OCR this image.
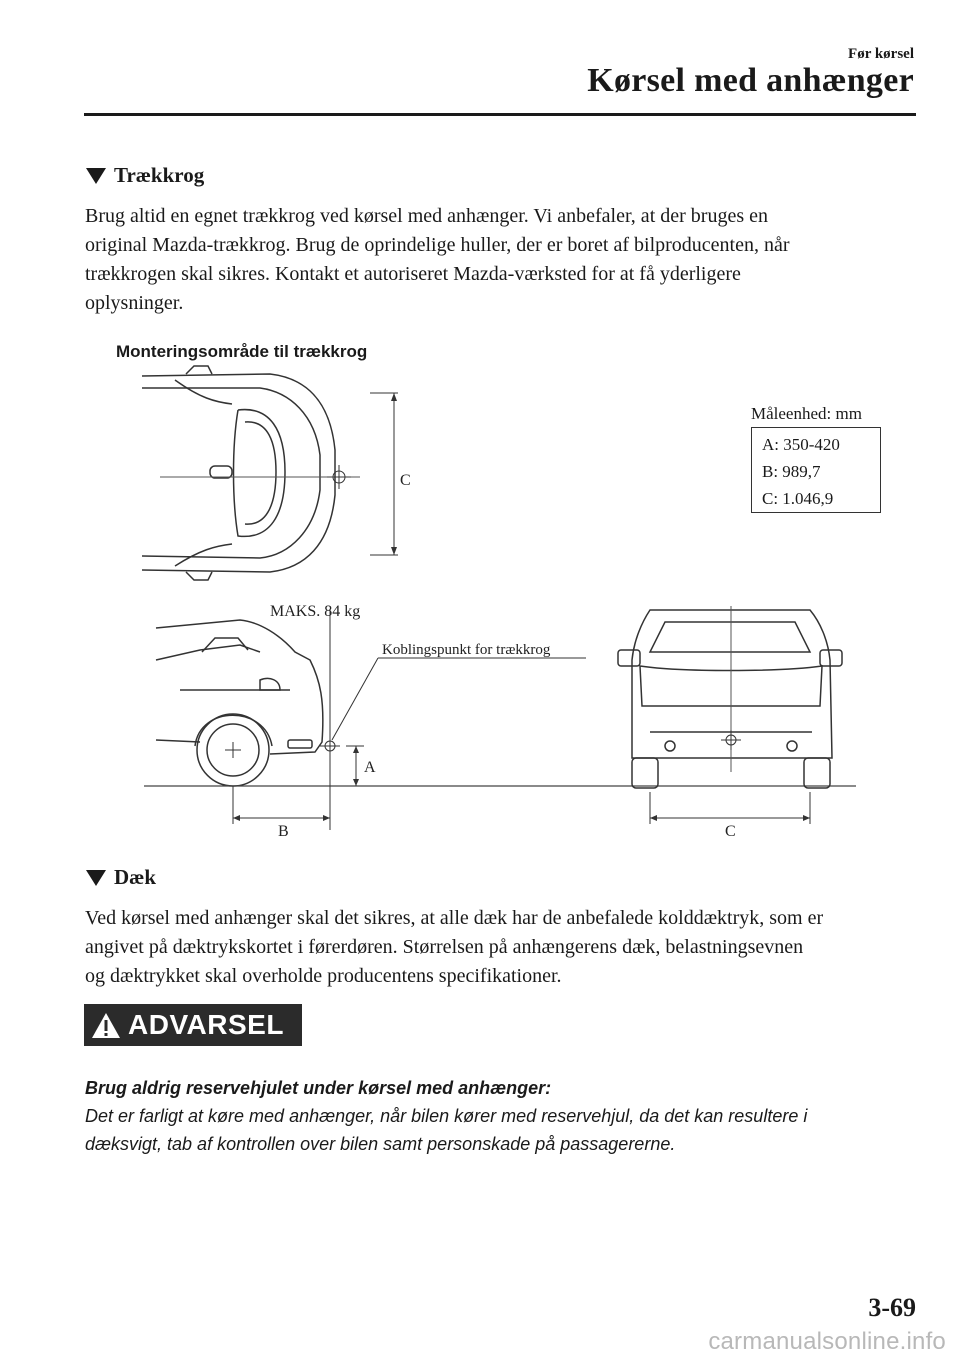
Før kørsel
Kørsel med anhænger
Trækkrog
Brug altid en egnet trækkrog ved kørsel med anhænger. Vi anbefaler, at der bruges en
original Mazda-trækkrog. Brug de oprindelige huller, der er boret af bilproducenten, når
trækkrogen skal sikres. Kontakt et autoriseret Mazda-værksted for at få yderligere
oplysninger.
Monteringsområde til trækkrog
C
MAKS. 84 kg
Koblingspunkt for trækkrog
A
B	C
Måleenhed: mm
A: 350-420
B: 989,7
C: 1.046,9
Dæk
Ved kørsel med anhænger skal det sikres, at alle dæk har de anbefalede kolddæktryk, som er
angivet på dæktrykskortet i førerdøren. Størrelsen på anhængerens dæk, belastningsevnen
og dæktrykket skal overholde producentens specifikationer.
ADVARSEL
Brug aldrig reservehjulet under kørsel med anhænger:
Det er farligt at køre med anhænger, når bilen kører med reservehjul, da det kan resultere i
dæksvigt, tab af kontrollen over bilen samt personskade på passagererne.
3-69
carmanualsonline.info
